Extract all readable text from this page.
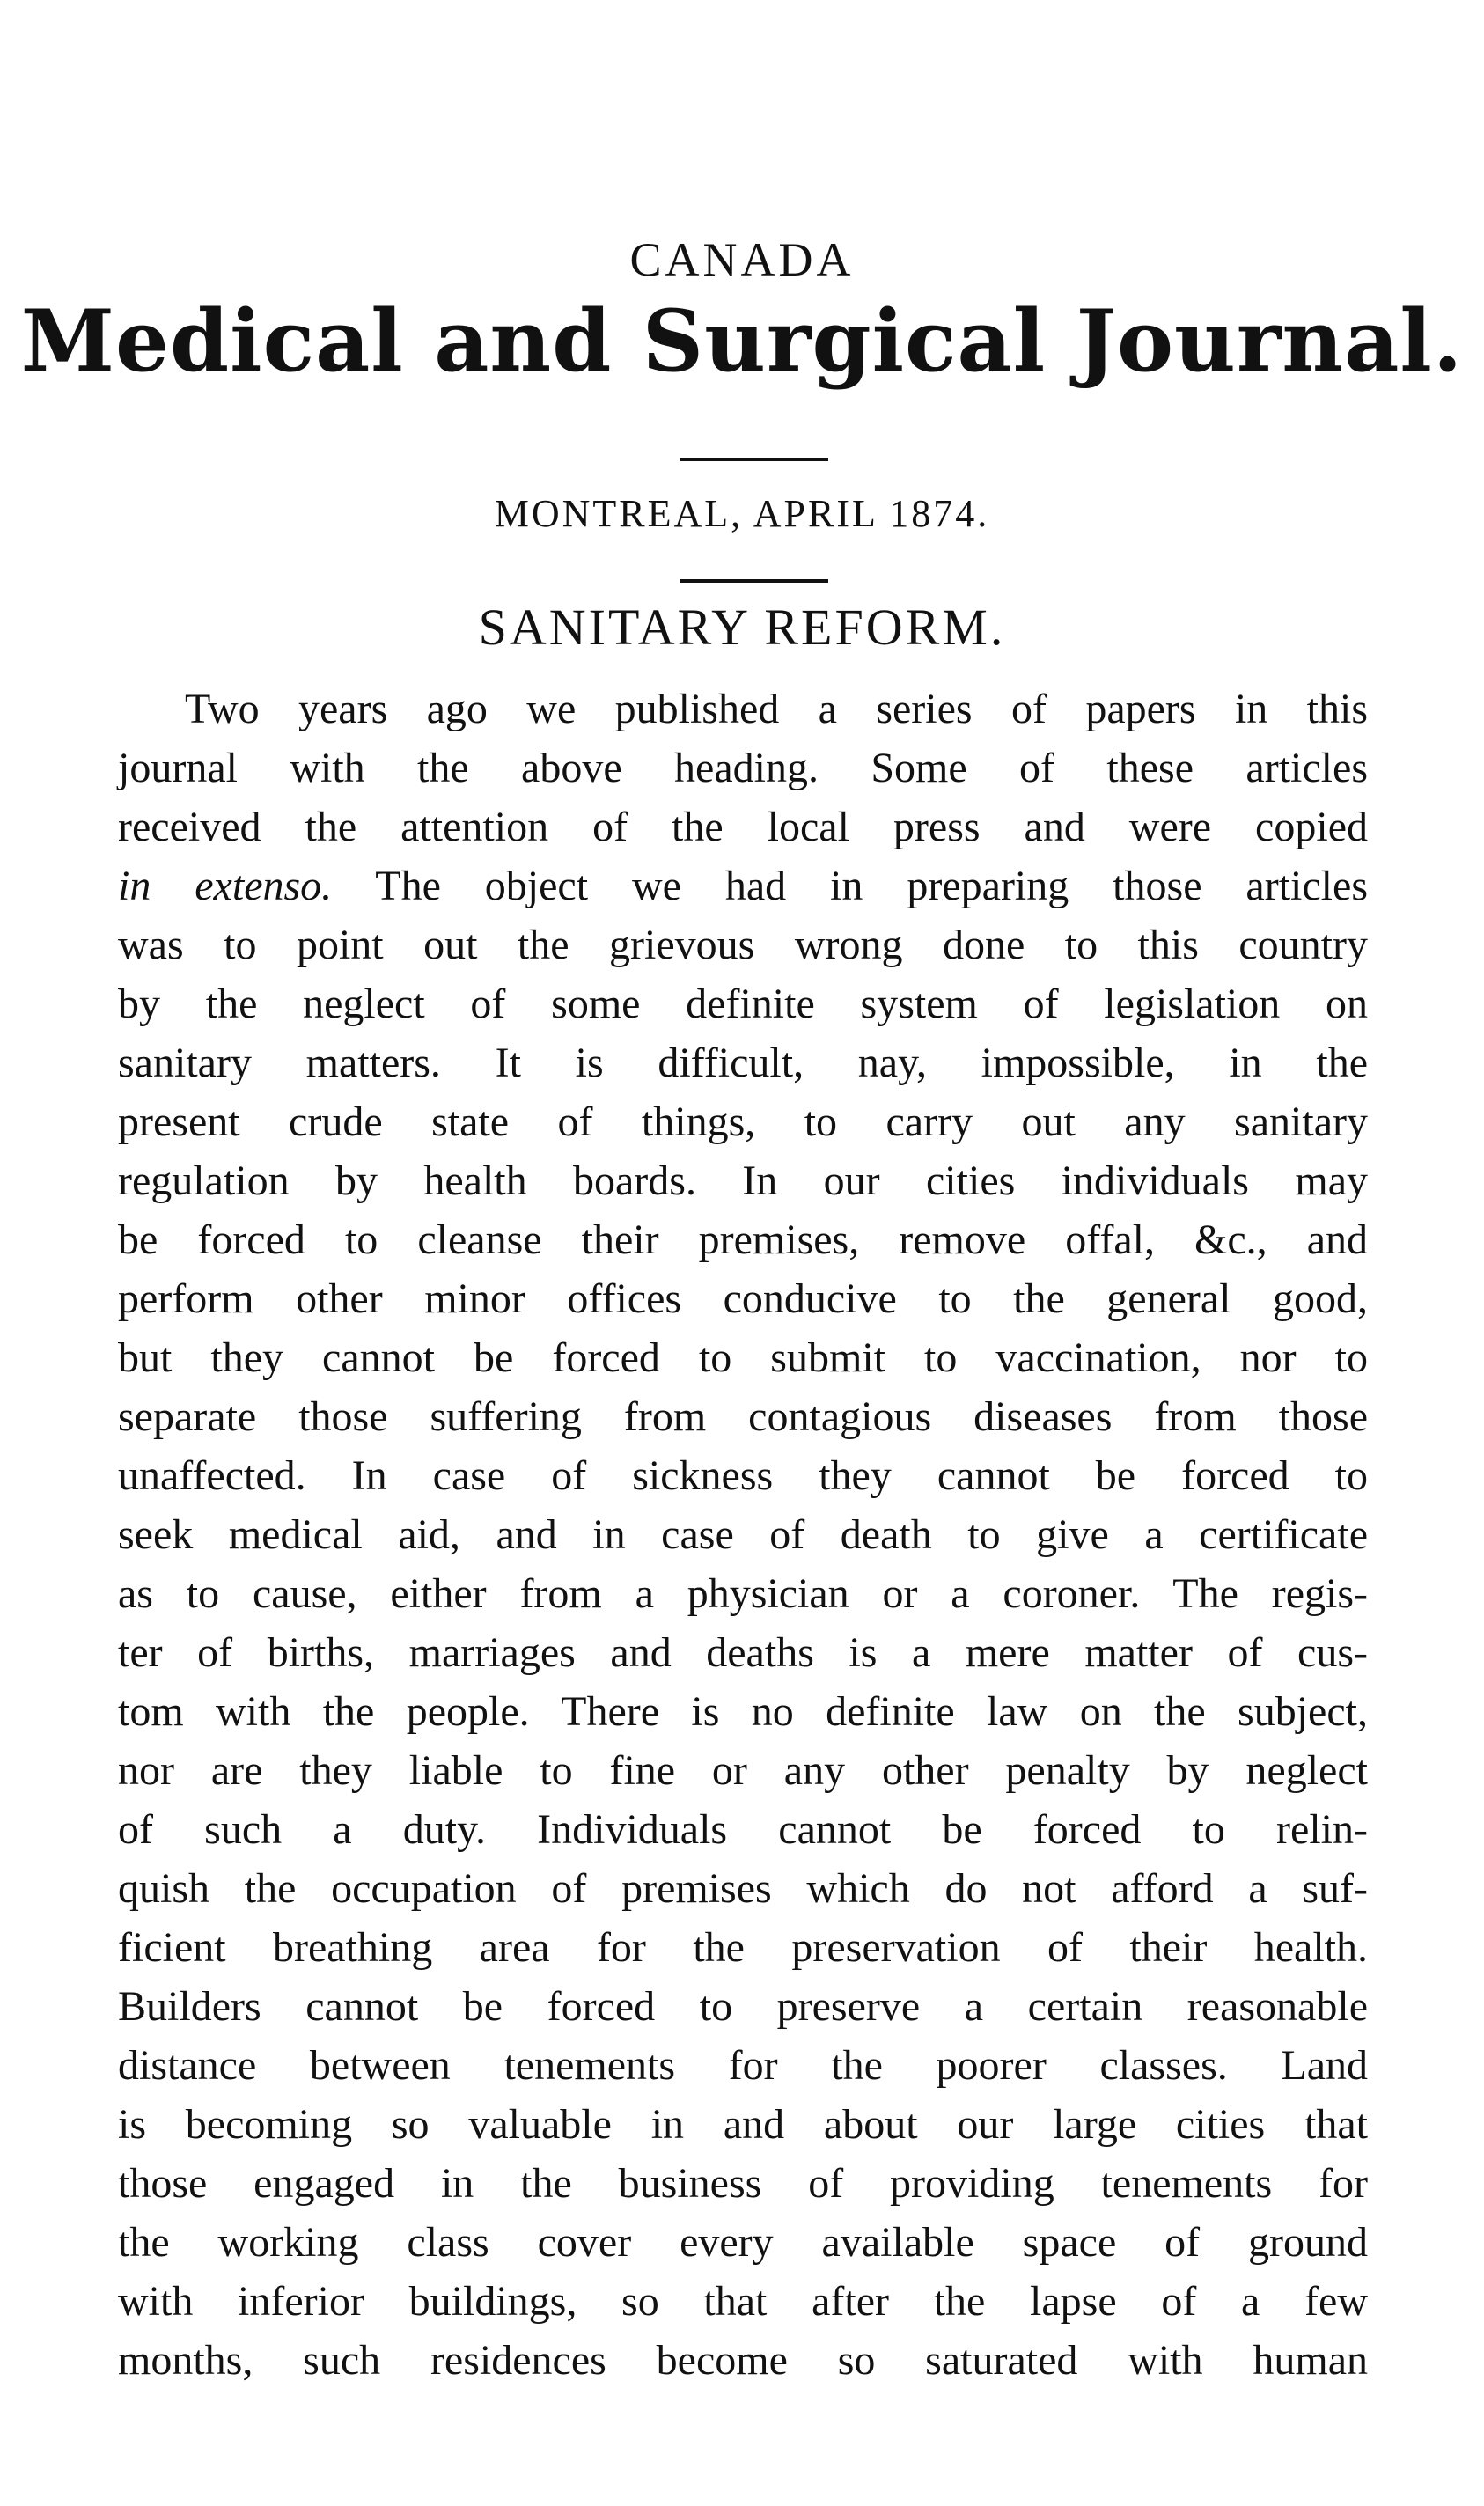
CANADA
Medical and Surgical Journal.
MONTREAL, APRIL 1874.
SANITARY REFORM.
Two years ago we published a series of papers in this
journal with the above heading. Some of these articles
received the attention of the local press and were copied
in extenso. The object we had in preparing those articles
was to point out the grievous wrong done to this country
by the neglect of some definite system of legislation on
sanitary matters. It is difficult, nay, impossible, in the
present crude state of things, to carry out any sanitary
regulation by health boards. In our cities individuals may
be forced to cleanse their premises, remove offal, &c., and
perform other minor offices conducive to the general good,
but they cannot be forced to submit to vaccination, nor to
separate those suffering from contagious diseases from those
unaffected. In case of sickness they cannot be forced to
seek medical aid, and in case of death to give a certificate
as to cause, either from a physician or a coroner. The regis-
ter of births, marriages and deaths is a mere matter of cus-
tom with the people. There is no definite law on the subject,
nor are they liable to fine or any other penalty by neglect
of such a duty. Individuals cannot be forced to relin-
quish the occupation of premises which do not afford a suf-
ficient breathing area for the preservation of their health.
Builders cannot be forced to preserve a certain reasonable
distance between tenements for the poorer classes. Land
is becoming so valuable in and about our large cities that
those engaged in the business of providing tenements for
the working class cover every available space of ground
with inferior buildings, so that after the lapse of a few
months, such residences become so saturated with human
